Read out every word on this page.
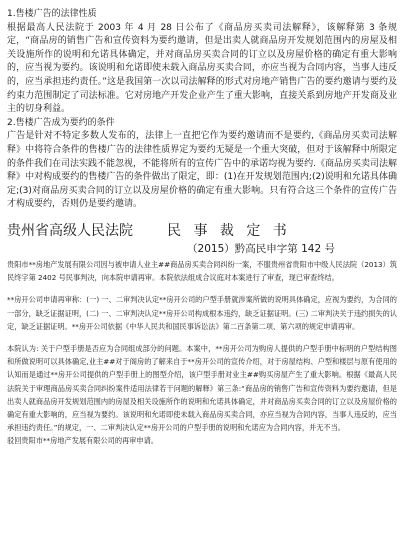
1.售楼广告的法律性质
根据最高人民法院于 2003 年 4 月 28 日公布了《商品房买卖司法解释》，该解释第 3 条规定，“商品房的销售广告和宣传资料为要约邀请，但是出卖人就商品房开发规划范围内的房屋及相关设施所作的说明和允诺具体确定，并对商品房买卖合同的订立以及房屋价格的确定有重大影响的，应当视为要约。该说明和允诺即使未载入商品房买卖合同，亦应当视为合同内容，当事人违反的，应当承担违约责任。”这是我国第一次以司法解释的形式对房地产销售广告的要约邀请与要约及约束力范围制定了司法标准。它对房地产开发企业产生了重大影响，直接关系到房地产开发商及业主的切身利益。
2.售楼广告成为要约的条件
广告是针对不特定多数人发布的，法律上一直把它作为要约邀请而不是要约,《商品房买卖司法解释》中将符合条件的售楼广告的法律性质界定为要约无疑是一个重大突破，但对于该解释中所限定的条件我们在司法实践不能忽视，不能将所有的宣传广告中的承诺均视为要约.《商品房买卖司法解释》中对构成要约的售楼广告的条件做出了限定，即：(1)在开发规划范围内;(2)说明和允诺具体确定;(3)对商品房买卖合同的订立以及房屋价格的确定有重大影响。只有符合这三个条件的宣传广告才构成要约，否则仍是要约邀请。
贵州省高级人民法院 民 事 裁 定 书
（2015）黔高民申字第 142 号

贵阳市**房地产发展有限公司因与被申请人业主##商品房买卖合同纠纷一案，不服贵州省贵阳市中级人民法院（2013）筑民终字第 2402 号民事判决，向本院申请再审。本院依法组成合议庭对本案进行了审查，现已审查终结。

**房开公司申请再审称：(一) 一、二审判决认定**房开公司的户型手册就涉案所做的说明具体确定，应视为要约，为合同的一部分，缺乏证据证明，(二) 一、二审判决认定**房开公司构成根本违约，缺乏证据证明。(三) 二审判决关于违约损失的认定，缺乏证据证明。**房开公司依据《中华人民共和国民事诉讼法》第二百条第二项、第六项的规定申请再审。

本院认为: 关于户型手册是否应为合同组成部分的问题。本案中，**房开公司为购房人提供的户型手册中标明的户型结构图和所做说明可以具体确定,业主##对于阁房的了解来自于**房开公司的宣传介绍，对于房屋结构、户型和楼层与原有使用的认知而是通过**房开公司提供的户型手册上的图型介绍，该户型手册对业主##购买房屋产生了重大影响。根据《最高人民法院关于审理商品房买卖合同纠纷案件适用法律若干问题的解释》第三条:“商品房的销售广告和宣传资料为要约邀请，但是出卖人就商品房开发规划范围内的房屋及相关设施所作的说明和允诺具体确定，并对商品房买卖合同的订立以及房屋价格的确定有重大影响的，应当视为要约。该说明和允诺即使未载入商品房买卖合同，亦应当视为合同内容，当事人违反的，应当承担违约责任。”的规定，一、二审判决认定**房开公司的户型手册的说明和允诺应为合同内容，并无不当。

驳回贵阳市**房地产发展有限公司的再审申请。
